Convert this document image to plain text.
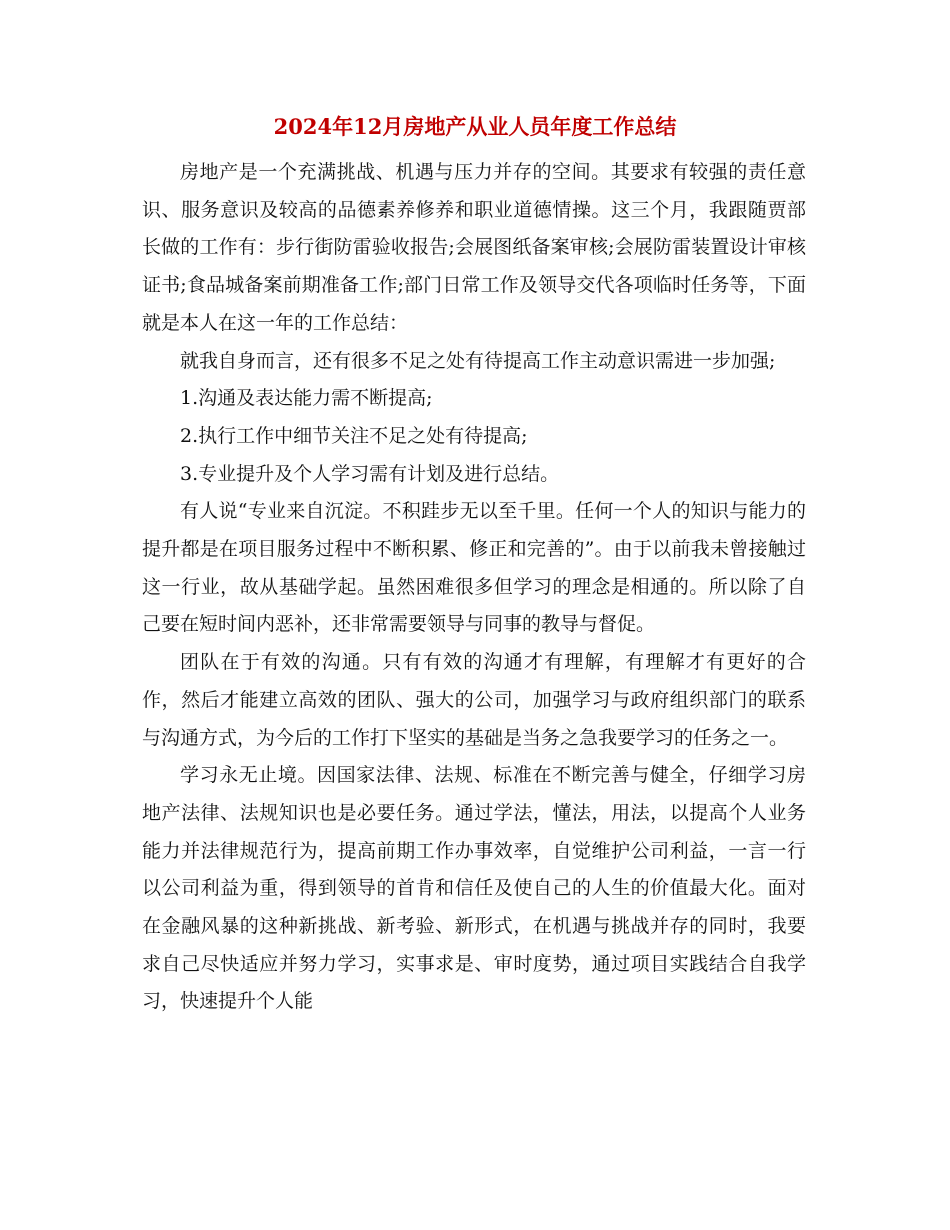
2024年12月房地产从业人员年度工作总结

房地产是一个充满挑战、机遇与压力并存的空间。其要求有较强的责任意识、服务意识及较高的品德素养修养和职业道德情操。这三个月，我跟随贾部长做的工作有：步行街防雷验收报告;会展图纸备案审核;会展防雷装置设计审核证书;食品城备案前期准备工作;部门日常工作及领导交代各项临时任务等，下面就是本人在这一年的工作总结：

就我自身而言，还有很多不足之处有待提高工作主动意识需进一步加强;

1.沟通及表达能力需不断提高;

2.执行工作中细节关注不足之处有待提高;

3.专业提升及个人学习需有计划及进行总结。

有人说“专业来自沉淀。不积跬步无以至千里。任何一个人的知识与能力的提升都是在项目服务过程中不断积累、修正和完善的”。由于以前我未曾接触过这一行业，故从基础学起。虽然困难很多但学习的理念是相通的。所以除了自己要在短时间内恶补，还非常需要领导与同事的教导与督促。

团队在于有效的沟通。只有有效的沟通才有理解，有理解才有更好的合作，然后才能建立高效的团队、强大的公司，加强学习与政府组织部门的联系与沟通方式，为今后的工作打下坚实的基础是当务之急我要学习的任务之一。

学习永无止境。因国家法律、法规、标准在不断完善与健全，仔细学习房地产法律、法规知识也是必要任务。通过学法，懂法，用法，以提高个人业务能力并法律规范行为，提高前期工作办事效率，自觉维护公司利益，一言一行以公司利益为重，得到领导的首肯和信任及使自己的人生的价值最大化。面对在金融风暴的这种新挑战、新考验、新形式，在机遇与挑战并存的同时，我要求自己尽快适应并努力学习，实事求是、审时度势，通过项目实践结合自我学习，快速提升个人能
